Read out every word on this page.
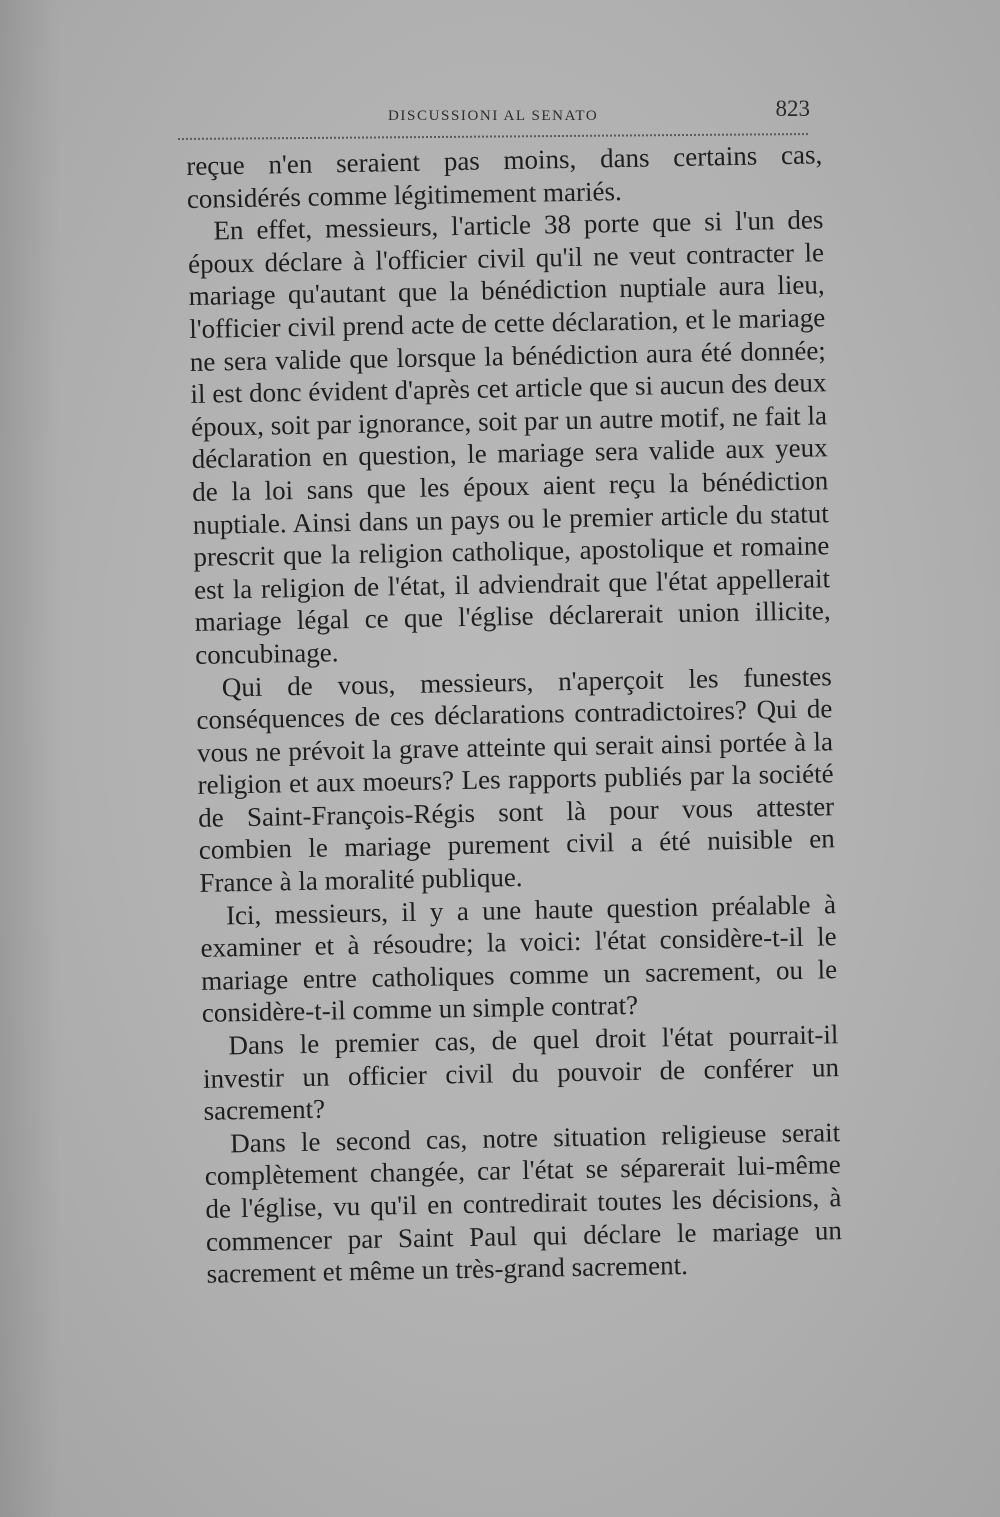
DISCUSSIONI AL SENATO	823

reçue n'en seraient pas moins, dans certains cas, considérés comme légitimement mariés.

En effet, messieurs, l'article 38 porte que si l'un des époux déclare à l'officier civil qu'il ne veut contracter le mariage qu'autant que la bénédiction nuptiale aura lieu, l'officier civil prend acte de cette déclaration, et le mariage ne sera valide que lorsque la bénédiction aura été donnée; il est donc évident d'après cet article que si aucun des deux époux, soit par ignorance, soit par un autre motif, ne fait la déclaration en question, le mariage sera valide aux yeux de la loi sans que les époux aient reçu la bénédiction nuptiale. Ainsi dans un pays ou le premier article du statut prescrit que la religion catholique, apostolique et romaine est la religion de l'état, il adviendrait que l'état appellerait mariage légal ce que l'église déclarerait union illicite, concubinage.

Qui de vous, messieurs, n'aperçoit les funestes conséquences de ces déclarations contradictoires? Qui de vous ne prévoit la grave atteinte qui serait ainsi portée à la religion et aux moeurs? Les rapports publiés par la société de Saint-François-Régis sont là pour vous attester combien le mariage purement civil a été nuisible en France à la moralité publique.

Ici, messieurs, il y a une haute question préalable à examiner et à résoudre; la voici: l'état considère-t-il le mariage entre catholiques comme un sacrement, ou le considère-t-il comme un simple contrat?

Dans le premier cas, de quel droit l'état pourrait-il investir un officier civil du pouvoir de conférer un sacrement?

Dans le second cas, notre situation religieuse serait complètement changée, car l'état se séparerait lui-même de l'église, vu qu'il en contredirait toutes les décisions, à commencer par Saint Paul qui déclare le mariage un sacrement et même un très-grand sacrement.
